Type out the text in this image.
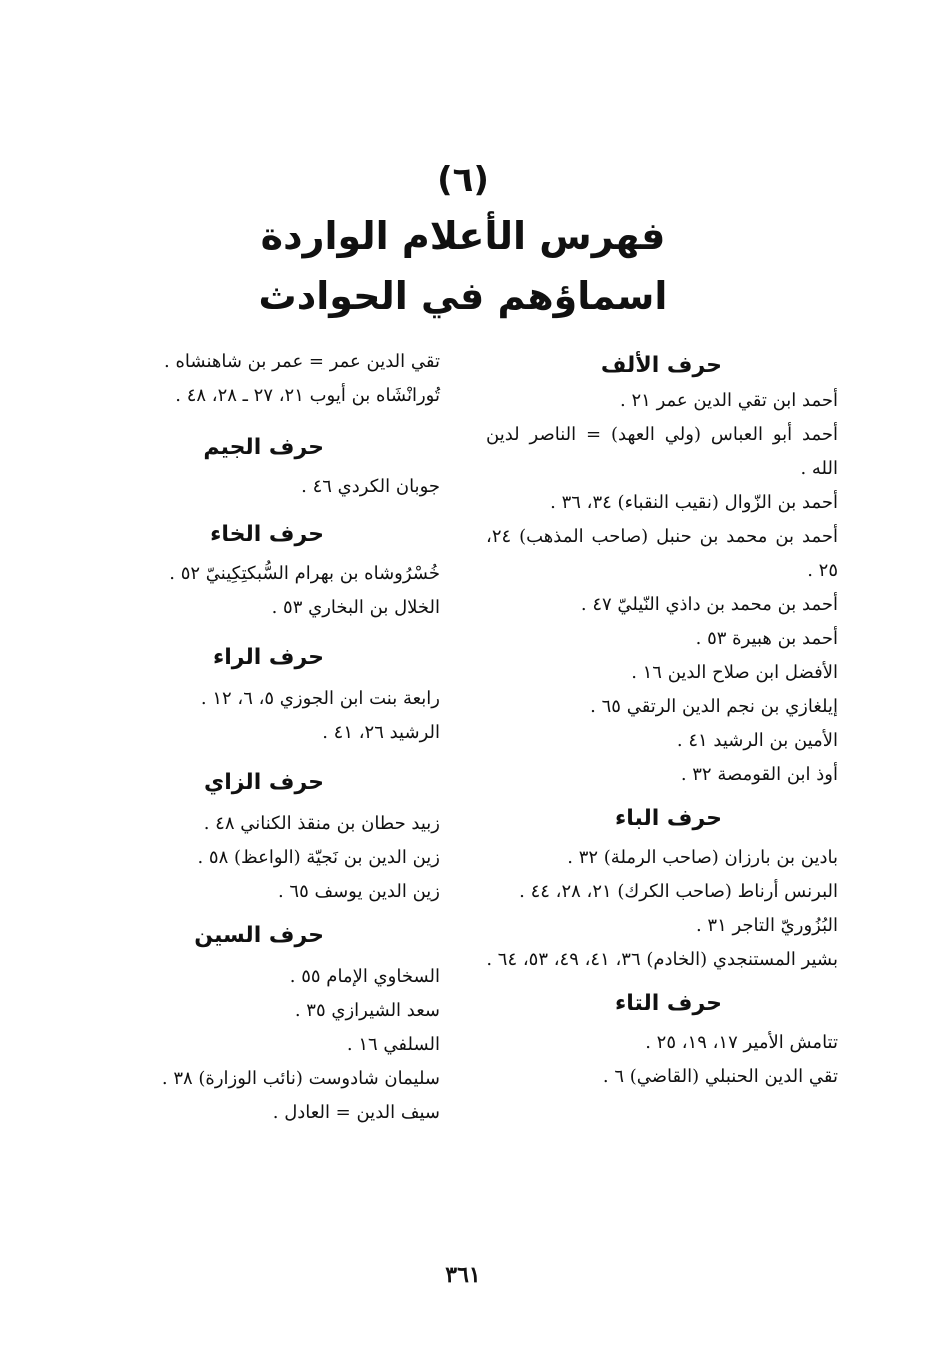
(٦)
فهرس الأعلام الواردة
اسماؤهم في الحوادث

حرف الألف

أحمد ابن تقي الدين عمر ٢١ .

أحمد أبو العباس (ولي العهد) = الناصر لدين الله .

أحمد بن الزّوال (نقيب النقباء) ٣٤، ٣٦ .

أحمد بن محمد بن حنبل (صاحب المذهب) ٢٤، ٢٥ .

أحمد بن محمد بن داذي النّيليّ ٤٧ .

أحمد بن هبيرة ٥٣ .

الأفضل ابن صلاح الدين ١٦ .

إيلغازي بن نجم الدين الرتقي ٦٥ .

الأمين بن الرشيد ٤١ .

أوذ ابن القومصة ٣٢ .

حرف الباء

بادين بن بارزان (صاحب الرملة) ٣٢ .

البرنس أرناط (صاحب الكرك) ٢١، ٢٨، ٤٤ .

البُزُوريّ التاجر ٣١ .

بشير المستنجدي (الخادم) ٣٦، ٤١، ٤٩، ٥٣، ٦٤ .

حرف التاء

تتامش الأمير ١٧، ١٩، ٢٥ .

تقي الدين الحنبلي (القاضي) ٦ .

تقي الدين عمر = عمر بن شاهنشاه .

تُورانْشَاه بن أيوب ٢١، ٢٧ ـ ٢٨، ٤٨ .

حرف الجيم

جوبان الكردي ٤٦ .

حرف الخاء

خُسْرُوشاه بن بهرام السُّبكتِكِينيّ ٥٢ .

الخلال بن البخاري ٥٣ .

حرف الراء

رابعة بنت ابن الجوزي ٥، ٦، ١٢ .

الرشيد ٢٦، ٤١ .

حرف الزاي

زبيد حطان بن منقذ الكناني ٤٨ .

زين الدين بن نَجيّة (الواعظ) ٥٨ .

زين الدين يوسف ٦٥ .

حرف السين

السخاوي الإمام ٥٥ .

سعد الشيرازي ٣٥ .

السلفي ١٦ .

سليمان شادوست (نائب الوزارة) ٣٨ .

سيف الدين = العادل .

٣٦١
